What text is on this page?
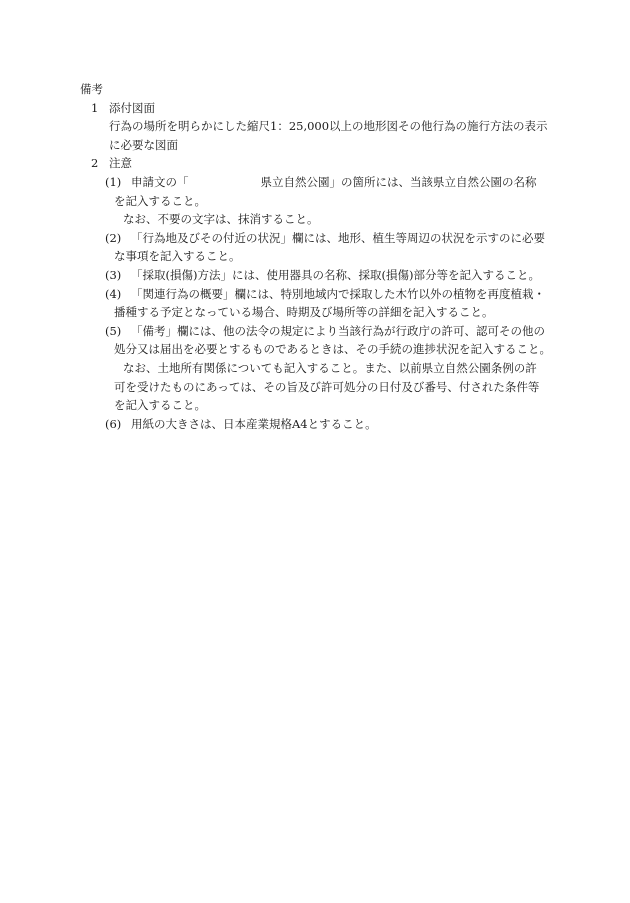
備考
1 添付図面
行為の場所を明らかにした縮尺1：25,000以上の地形図その他行為の施行方法の表示
に必要な図面
2 注意
(1) 申請文の「	県立自然公園」の箇所には、当該県立自然公園の名称
を記入すること。
なお、不要の文字は、抹消すること。
(2) 「行為地及びその付近の状況」欄には、地形、植生等周辺の状況を示すのに必要
な事項を記入すること。
(3) 「採取(損傷)方法」には、使用器具の名称、採取(損傷)部分等を記入すること。
(4) 「関連行為の概要」欄には、特別地域内で採取した木竹以外の植物を再度植栽・
播種する予定となっている場合、時期及び場所等の詳細を記入すること。
(5) 「備考」欄には、他の法令の規定により当該行為が行政庁の許可、認可その他の
処分又は届出を必要とするものであるときは、その手続の進捗状況を記入すること。
なお、土地所有関係についても記入すること。また、以前県立自然公園条例の許
可を受けたものにあっては、その旨及び許可処分の日付及び番号、付された条件等
を記入すること。
(6) 用紙の大きさは、日本産業規格A4とすること。
